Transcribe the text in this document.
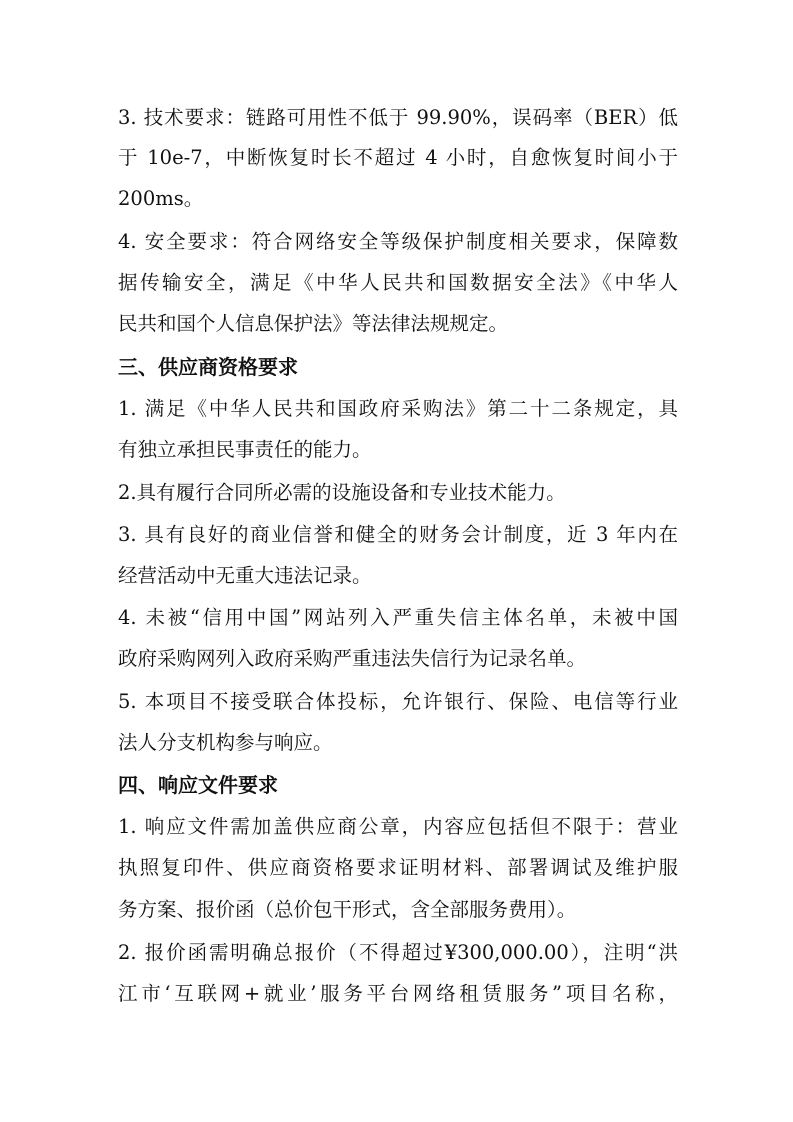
3. 技术要求：链路可用性不低于 99.90%，误码率（BER）低
于 10e-7，中断恢复时长不超过 4 小时，自愈恢复时间小于
200ms。
4. 安全要求：符合网络安全等级保护制度相关要求，保障数
据传输安全，满足《中华人民共和国数据安全法》《中华人
民共和国个人信息保护法》等法律法规规定。
三、供应商资格要求
1. 满足《中华人民共和国政府采购法》第二十二条规定，具
有独立承担民事责任的能力。
2.具有履行合同所必需的设施设备和专业技术能力。
3. 具有良好的商业信誉和健全的财务会计制度，近 3 年内在
经营活动中无重大违法记录。
4. 未被“信用中国”网站列入严重失信主体名单，未被中国
政府采购网列入政府采购严重违法失信行为记录名单。
5. 本项目不接受联合体投标，允许银行、保险、电信等行业
法人分支机构参与响应。
四、响应文件要求
1. 响应文件需加盖供应商公章，内容应包括但不限于：营业
执照复印件、供应商资格要求证明材料、部署调试及维护服
务方案、报价函（总价包干形式，含全部服务费用）。
2. 报价函需明确总报价（不得超过¥300,000.00），注明“洪
江市‘互联网+就业’服务平台网络租赁服务”项目名称，
